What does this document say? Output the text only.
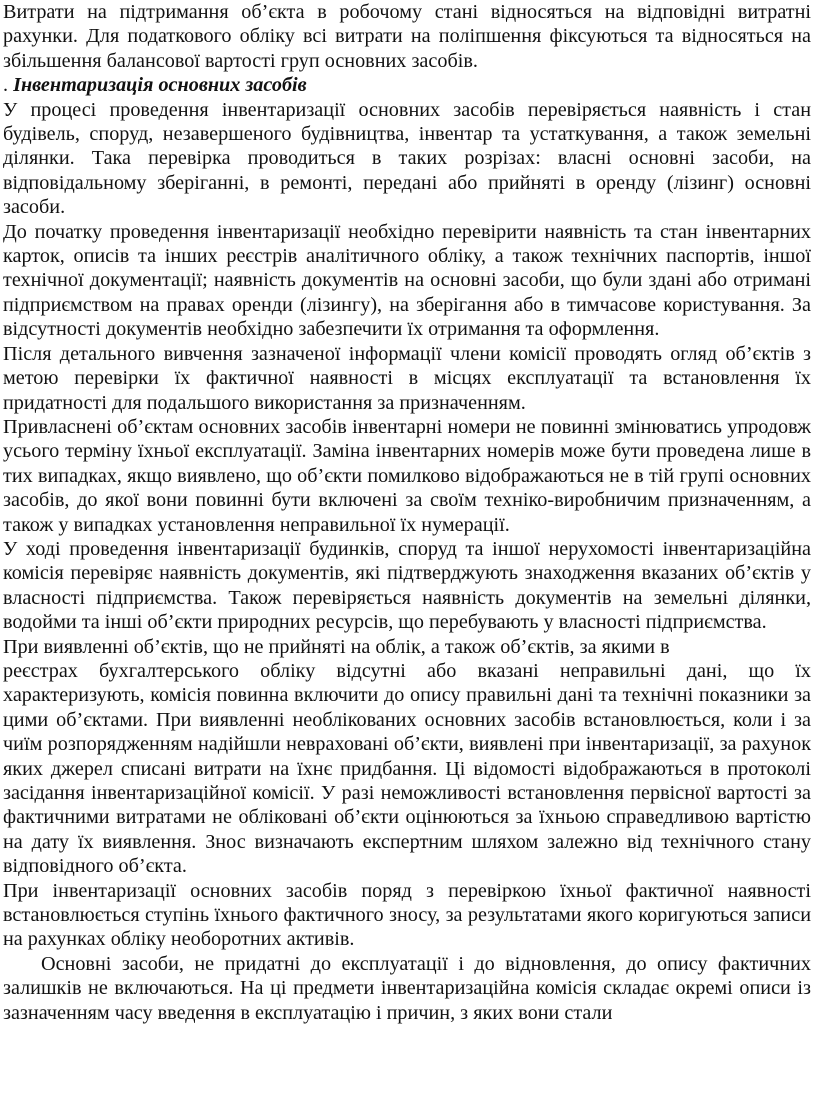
Витрати на підтримання об’єкта в робочому стані відносяться на відповідні витратні рахунки. Для податкового обліку всі витрати на поліпшення фіксуються та відносяться на збільшення балансової вартості груп основних засобів.

. Інвентаризація основних засобів

У процесі проведення інвентаризації основних засобів перевіряється наявність і стан будівель, споруд, незавершеного будівництва, інвентар та устаткування, а також земельні ділянки. Така перевірка проводиться в таких розрізах: власні основні засоби, на відповідальному зберіганні, в ремонті, передані або прийняті в оренду (лізинг) основні засоби.

До початку проведення інвентаризації необхідно перевірити наявність та стан інвентарних карток, описів та інших реєстрів аналітичного обліку, а також технічних паспортів, іншої технічної документації; наявність документів на основні засоби, що були здані або отримані підприємством на правах оренди (лізингу), на зберігання або в тимчасове користування. За відсутності документів необхідно забезпечити їх отримання та оформлення.

Після детального вивчення зазначеної інформації члени комісії проводять огляд об’єктів з метою перевірки їх фактичної наявності в місцях експлуатації та встановлення їх придатності для подальшого використання за призначенням.

Привласнені об’єктам основних засобів інвентарні номери не повинні змінюватись упродовж усього терміну їхньої експлуатації. Заміна інвентарних номерів може бути проведена лише в тих випадках, якщо виявлено, що об’єкти помилково відображаються не в тій групі основних засобів, до якої вони повинні бути включені за своїм техніко-виробничим призначенням, а також у випадках установлення неправильної їх нумерації.

У ході проведення інвентаризації будинків, споруд та іншої нерухомості інвентаризаційна комісія перевіряє наявність документів, які підтверджують знаходження вказаних об’єктів у власності підприємства. Також перевіряється наявність документів на земельні ділянки, водойми та інші об’єкти природних ресурсів, що перебувають у власності підприємства.

При виявленні об’єктів, що не прийняті на облік, а також об’єктів, за якими в

реєстрах бухгалтерського обліку відсутні або вказані неправильні дані, що їх характеризують, комісія повинна включити до опису правильні дані та технічні показники за цими об’єктами. При виявленні необлікованих основних засобів встановлюється, коли і за чиїм розпорядженням надійшли невраховані об’єкти, виявлені при інвентаризації, за рахунок яких джерел списані витрати на їхнє придбання. Ці відомості відображаються в протоколі засідання інвентаризаційної комісії. У разі неможливості встановлення первісної вартості за фактичними витратами не обліковані об’єкти оцінюються за їхньою справедливою вартістю на дату їх виявлення. Знос визначають експертним шляхом залежно від технічного стану відповідного об’єкта.

При інвентаризації основних засобів поряд з перевіркою їхньої фактичної наявності встановлюється ступінь їхнього фактичного зносу, за результатами якого коригуються записи на рахунках обліку необоротних активів.

Основні засоби, не придатні до експлуатації і до відновлення, до опису фактичних залишків не включаються. На ці предмети інвентаризаційна комісія складає окремі описи із зазначенням часу введення в експлуатацію і причин, з яких вони стали
